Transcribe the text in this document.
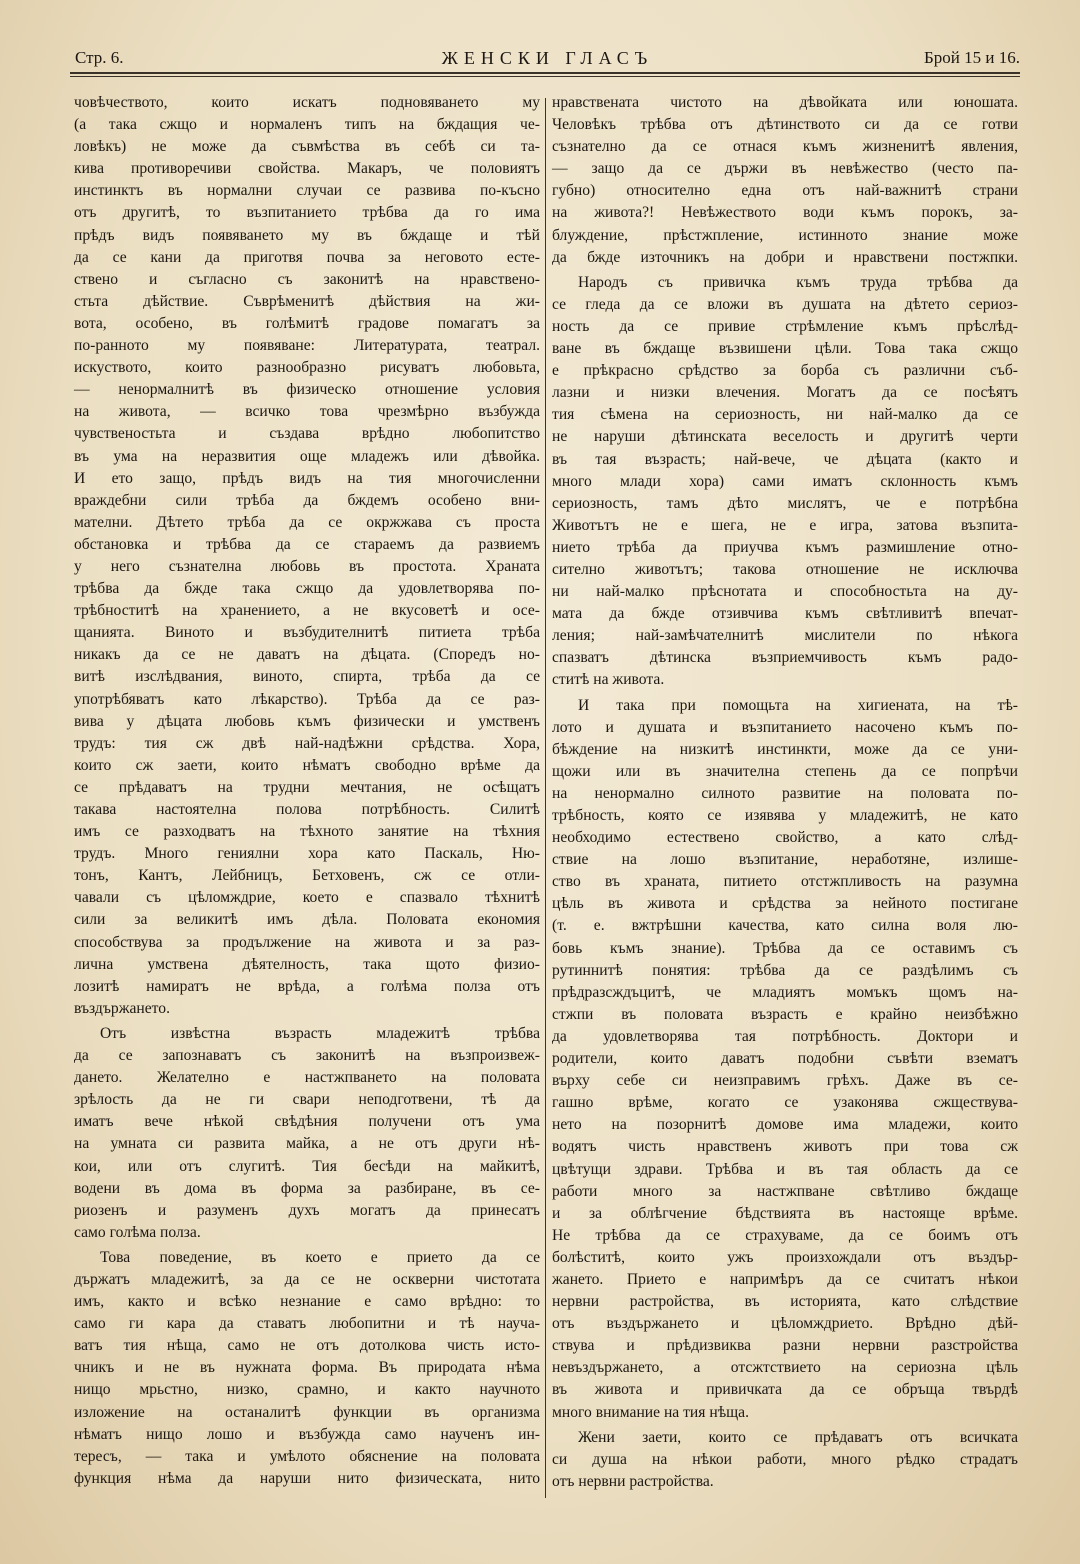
Стр. 6.	ЖЕНСКИ ГЛАСЪ	Брой 15 и 16.
човѣчеството, които искатъ подновяването му
(а така сжщо и нормаленъ типъ на бждащия че-
ловѣкъ) не може да съвмѣства въ себѣ си та-
кива противоречиви свойства. Макаръ, че половиятъ
инстинктъ въ нормални случаи се развива по-късно
отъ другитѣ, то възпитанието трѣбва да го има
прѣдъ видъ появяването му въ бждаще и тѣй
да се кани да приготвя почва за неговото есте-
ствено и съгласно съ законитѣ на нравствено-
стьта дѣйствие. Съврѣменитѣ дѣйствия на жи-
вота, особено, въ голѣмитѣ градове помагатъ за
по-ранното му появяване: Литературата, театрал.
искуството, които разнообразно рисуватъ любовьта,
— ненормалнитѣ въ физическо отношение условия
на живота, — всичко това чрезмѣрно възбужда
чувственостьта и създава врѣдно любопитство
въ ума на неразвития още младежъ или дѣвойка.
И ето защо, прѣдъ видъ на тия многочисленни
враждебни сили трѣба да бждемъ особено вни-
мателни. Дѣтето трѣба да се окржжава съ проста
обстановка и трѣбва да се стараемъ да развиемъ
у него съзнателна любовь въ простота. Храната
трѣбва да бжде така сжщо да удовлетворява по-
трѣбноститѣ на хранението, а не вкусоветѣ и осе-
щанията. Виното и възбудителнитѣ питиета трѣба
никакъ да се не даватъ на дѣцата. (Споредъ но-
витѣ изслѣдвания, виното, спирта, трѣба да се
употрѣбяватъ като лѣкарство). Трѣба да се раз-
вива у дѣцата любовь къмъ физически и умственъ
трудъ: тия сж двѣ най-надѣжни срѣдства. Хора,
които сж заети, които нѣматъ свободно врѣме да
се прѣдаватъ на трудни мечтания, не осѣщатъ
такава настоятелна полова потрѣбность. Силитѣ
имъ се разходватъ на тѣхното занятие на тѣхния
трудъ. Много гениялни хора като Паскаль, Ню-
тонъ, Кантъ, Лейбницъ, Бетховенъ, сж се отли-
чавали съ цѣломждрие, което е спазвало тѣхнитѣ
сили за великитѣ имъ дѣла. Половата економия
способствува за продължение на живота и за раз-
лична умствена дѣятелность, така щото физио-
лозитѣ намиратъ не врѣда, а голѣма полза отъ
въздържането.
Отъ извѣстна възрасть младежитѣ трѣбва
да се запознаватъ съ законитѣ на възпроизвеж-
дането. Желателно е настжпването на половата
зрѣлость да не ги свари неподготвени, тѣ да
иматъ вече нѣкой свѣдѣния получени отъ ума
на умната си развита майка, а не отъ други нѣ-
кои, или отъ слугитѣ. Тия бесѣди на майкитѣ,
водени въ дома въ форма за разбиране, въ се-
риозенъ и разуменъ духъ могатъ да принесатъ
само голѣма полза.
Това поведение, въ което е прието да се
държатъ младежитѣ, за да се не оскверни чистотата
имъ, както и всѣко незнание е само врѣдно: то
само ги кара да ставатъ любопитни и тѣ науча-
ватъ тия нѣща, само не отъ дотолкова чисть исто-
чникъ и не въ нужната форма. Въ природата нѣма
нищо мрьстно, низко, срамно, и както научното
изложение на останалитѣ функции въ организма
нѣматъ нищо лошо и възбужда само наученъ ин-
тересъ, — така и умѣлото обяснение на половата
функция нѣма да наруши нито физическата, нито
нравствената чистото на дѣвойката или юношата.
Человѣкъ трѣбва отъ дѣтинството си да се готви
съзнателно да се отнася къмъ жизненитѣ явления,
— защо да се държи въ невѣжество (често па-
губно) относително една отъ най-важнитѣ страни
на живота?! Невѣжеството води къмъ порокъ, за-
блуждение, прѣстжпление, истинното знание може
да бжде източникъ на добри и нравствени постжпки.
Народъ съ привичка къмъ труда трѣбва да
се гледа да се вложи въ душата на дѣтето сериоз-
ность да се привие стрѣмление къмъ прѣслѣд-
ване въ бждаще възвишени цѣли. Това така сжщо
е прѣкрасно срѣдство за борба съ различни съб-
лазни и низки влечения. Могатъ да се посѣятъ
тия сѣмена на сериозность, ни най-малко да се
не наруши дѣтинската веселость и другитѣ черти
въ тая възрасть; най-вече, че дѣцата (както и
много млади хора) сами иматъ склонность къмъ
сериозность, тамъ дѣто мислятъ, че е потрѣбна
Животътъ не е шега, не е игра, затова възпита-
нието трѣба да приучва къмъ размишление отно-
сително животътъ; такова отношение не исключва
ни най-малко прѣснотата и способностьта на ду-
мата да бжде отзивчива къмъ свѣтливитѣ впечат-
ления; най-замѣчателнитѣ мислители по нѣкога
спазватъ дѣтинска възприемчивость къмъ радо-
ститѣ на живота.
И така при помощьта на хигиената, на тѣ-
лото и душата и възпитанието насочено къмъ по-
бѣждение на низкитѣ инстинкти, може да се уни-
щожи или въ значителна степень да се попрѣчи
на ненормално силното развитие на половата по-
трѣбность, която се изявява у младежитѣ, не като
необходимо естествено свойство, а като слѣд-
ствие на лошо възпитание, неработяне, излише-
ство въ храната, питието отстжпливость на разумна
цѣль въ живота и срѣдства за нейното постигане
(т. е. вжтрѣшни качества, като силна воля лю-
бовь къмъ знание). Трѣбва да се оставимъ съ
рутиннитѣ понятия: трѣбва да се раздѣлимъ съ
прѣдразсждъцитѣ, че младиятъ момъкъ щомъ на-
стжпи въ половата възрасть е крайно неизбѣжно
да удовлетворява тая потрѣбность. Доктори и
родители, които даватъ подобни съвѣти взематъ
върху себе си неизправимъ грѣхъ. Даже въ се-
гашно врѣме, когато се узаконява сжществува-
нето на позорнитѣ домове има младежи, които
водятъ чисть нравственъ животъ при това сж
цвѣтущи здрави. Трѣбва и въ тая область да се
работи много за настжпване свѣтливо бждаще
и за облѣгчение бѣдствията въ настояще врѣме.
Не трѣбва да се страхуваме, да се боимъ отъ
болѣститѣ, които ужъ произхождали отъ въздър-
жането. Прието е напримѣръ да се считатъ нѣкои
нервни растройства, въ историята, като слѣдствие
отъ въздържането и цѣломждрието. Врѣдно дѣй-
ствува и прѣдизвиква разни нервни разстройства
невъздържането, а отсжтствието на сериозна цѣль
въ живота и привичката да се обръща твърдѣ
много внимание на тия нѣща.
Жени заети, които се прѣдаватъ отъ всичката
си душа на нѣкои работи, много рѣдко страдатъ
отъ нервни растройства.
